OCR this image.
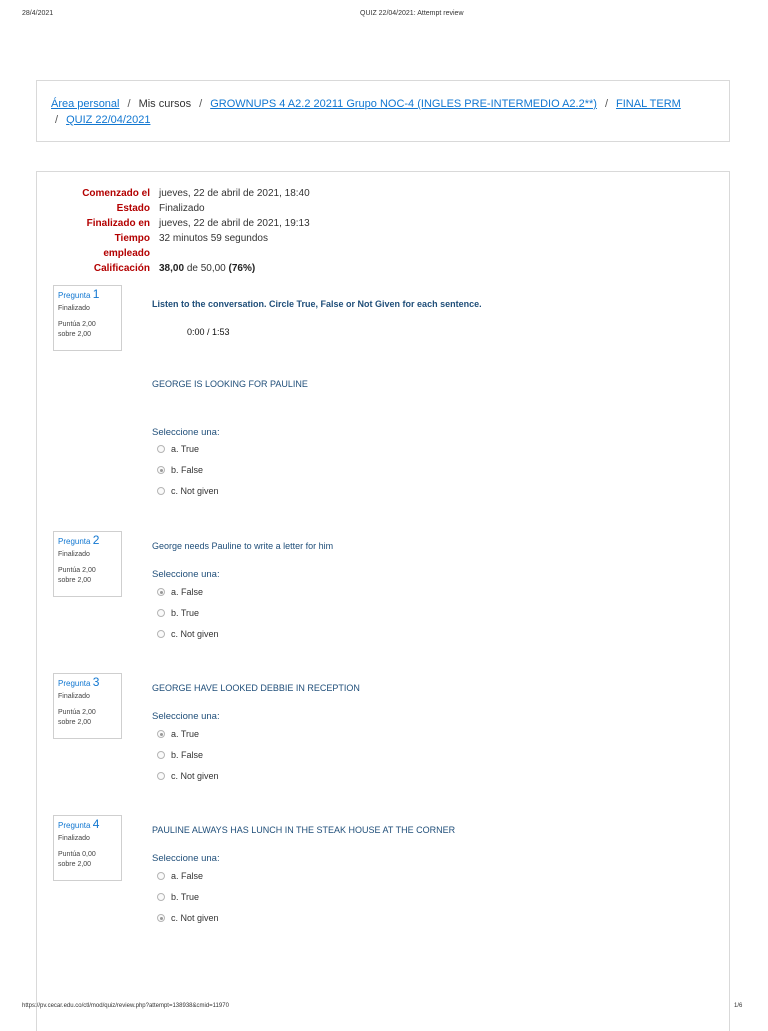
28/4/2021	QUIZ 22/04/2021: Attempt review
Área personal / Mis cursos / GROWNUPS 4 A2.2 20211 Grupo NOC-4 (INGLES PRE-INTERMEDIO A2.2**) / FINAL TERM
/ QUIZ 22/04/2021
Comenzado el jueves, 22 de abril de 2021, 18:40
Estado Finalizado
Finalizado en jueves, 22 de abril de 2021, 19:13
Tiempo
empleado
32 minutos 59 segundos
Calificación 38,00 de 50,00 (76%)
Pregunta 1
Finalizado
Puntúa 2,00
sobre 2,00
Listen to the conversation. Circle True, False or Not Given for each sentence.
0:00 / 1:53
GEORGE IS LOOKING FOR PAULINE
Seleccione una:
a. True
b. False
c. Not given
Pregunta 2
Finalizado
Puntúa 2,00
sobre 2,00
George needs Pauline to write a letter for him
Seleccione una:
a. False
b. True
c. Not given
Pregunta 3
Finalizado
Puntúa 2,00
sobre 2,00
GEORGE HAVE LOOKED DEBBIE IN RECEPTION
Seleccione una:
a. True
b. False
c. Not given
Pregunta 4
Finalizado
Puntúa 0,00
sobre 2,00
PAULINE ALWAYS HAS LUNCH IN THE STEAK HOUSE AT THE CORNER
Seleccione una:
a. False
b. True
c. Not given
https://pv.cecar.edu.co/ctl/mod/quiz/review.php?attempt=138938&cmid=11970	1/6
